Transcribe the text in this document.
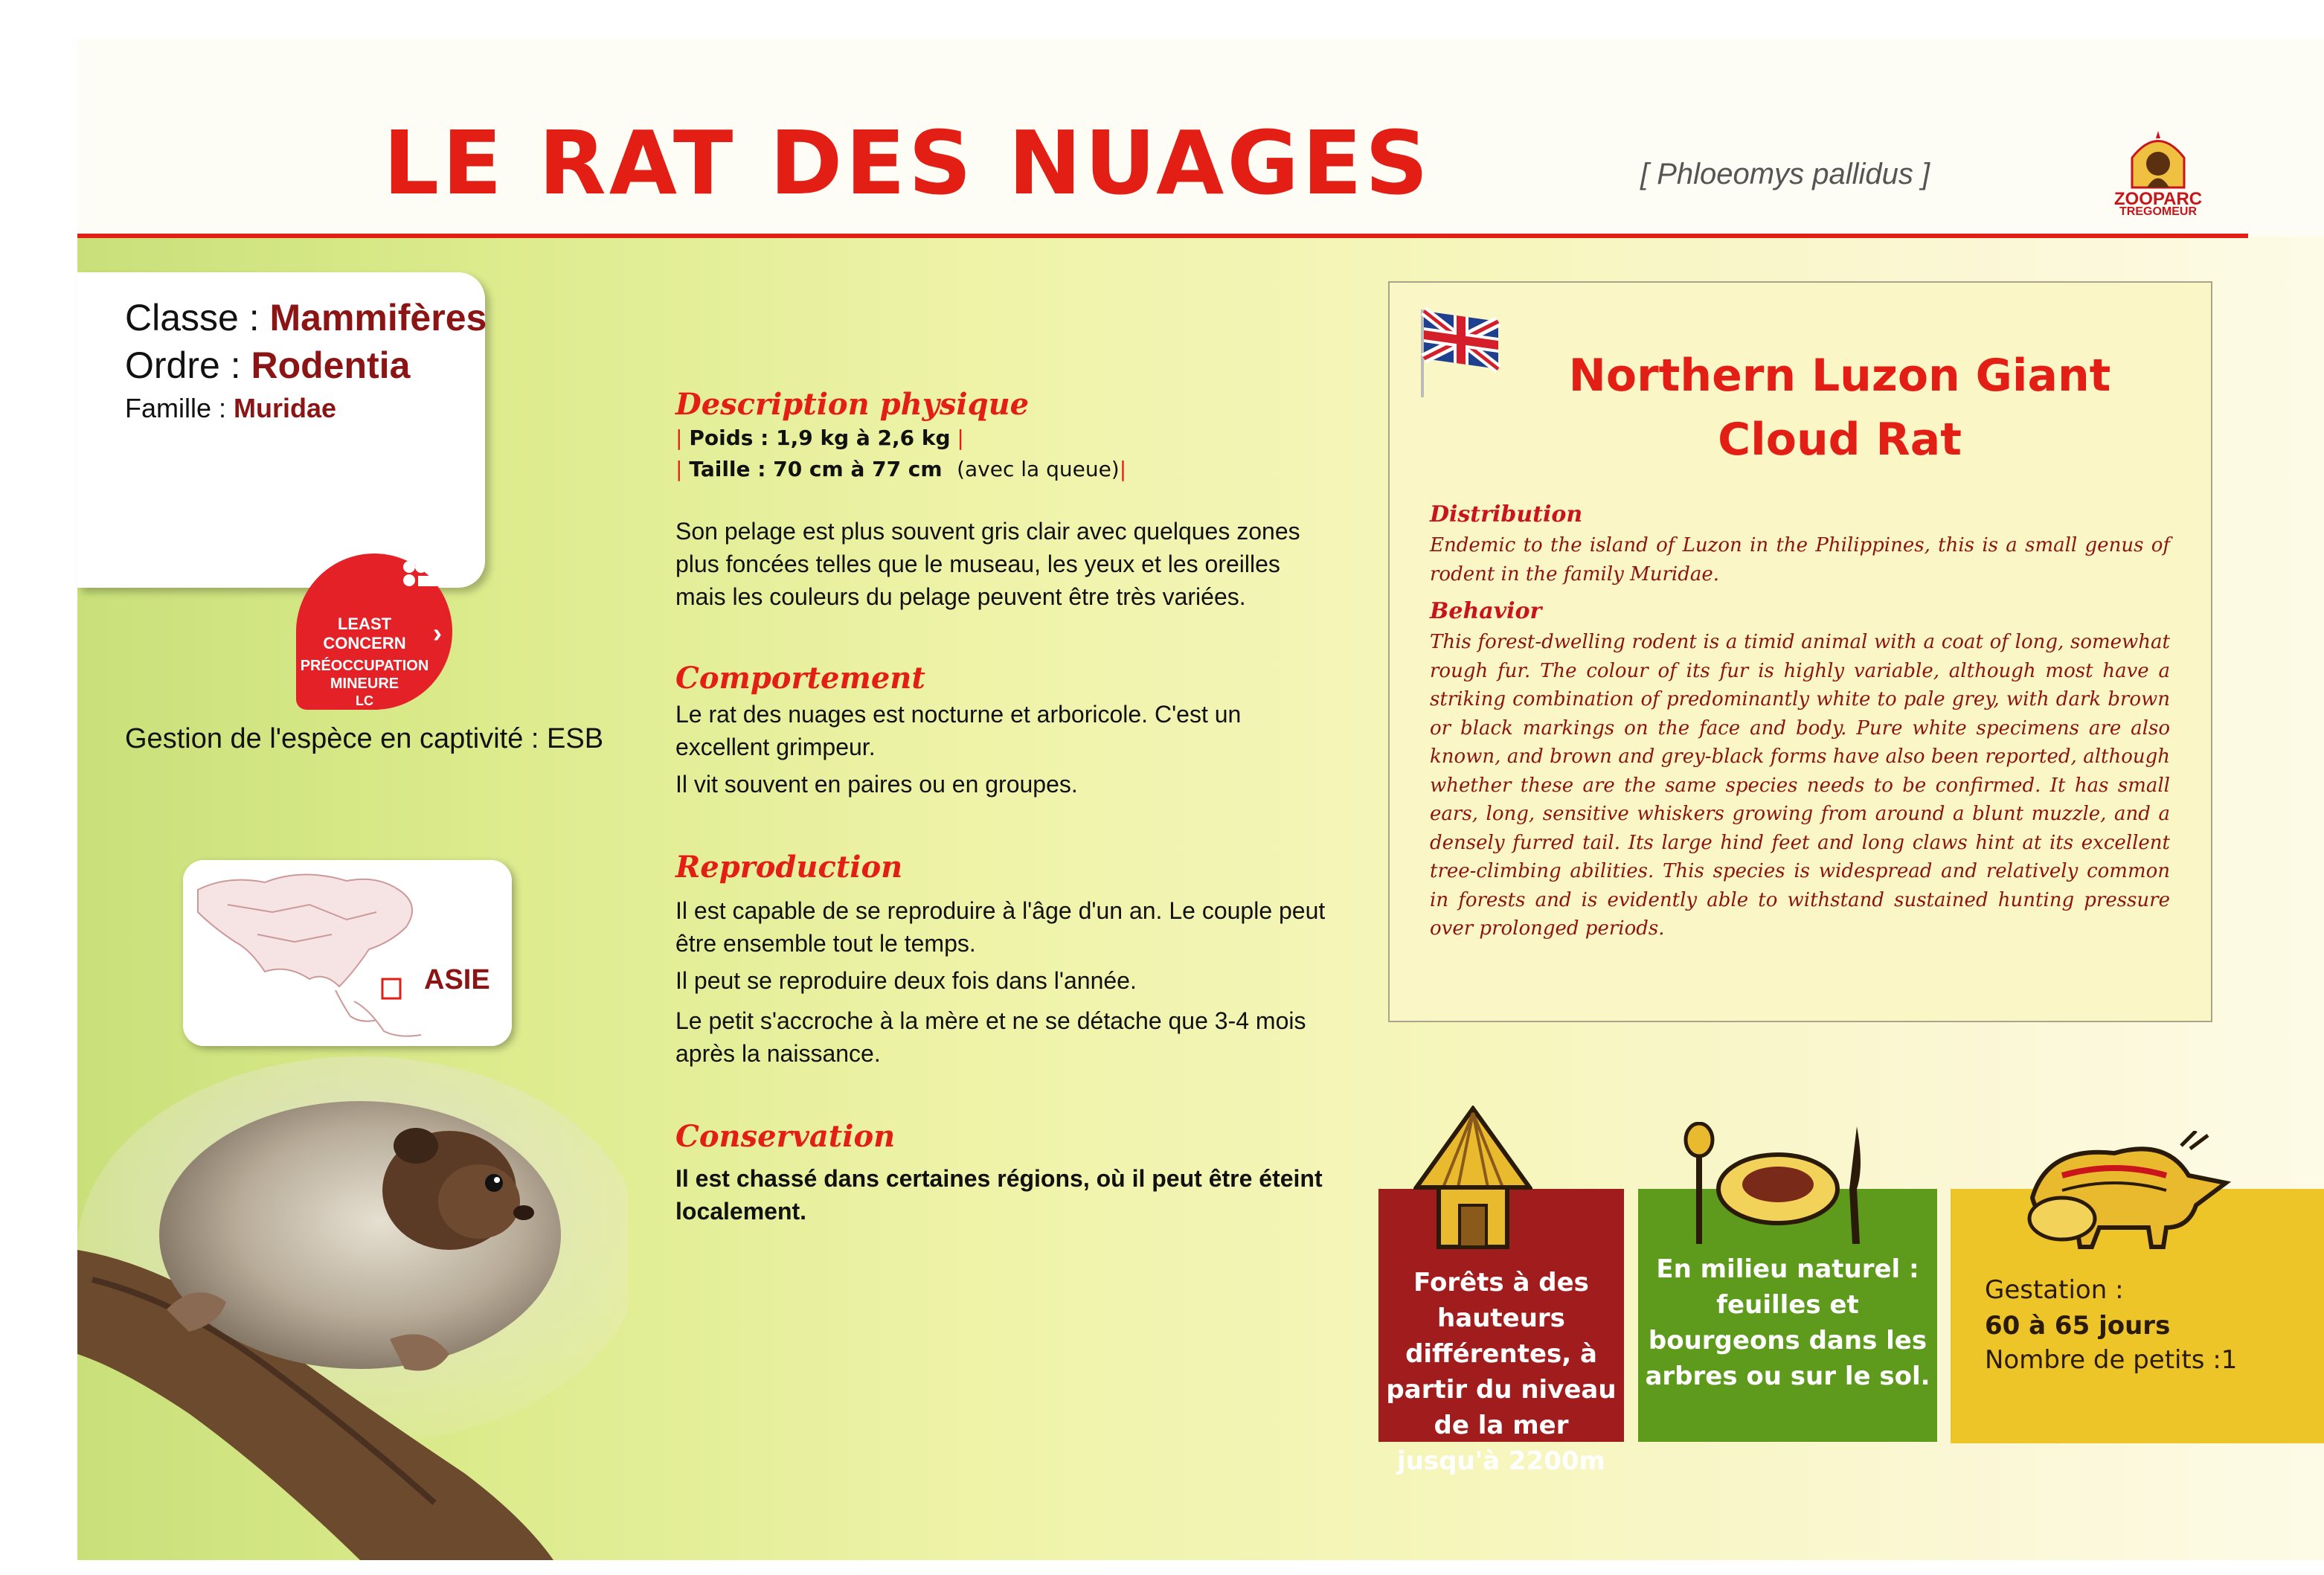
LE RAT DES NUAGES	[ Phloeomys pallidus ]
ZOOPARC
TREGOMEUR
Classe : Mammifères
Ordre : Rodentia
Famille : Muridae
LEAST
CONCERN
PRÉOCCUPATION
MINEURE
LC
›
Gestion de l'espèce en captivité : ESB
ASIE
Description physique
| Poids : 1,9 kg à 2,6 kg |
| Taille : 70 cm à 77 cm (avec la queue)|
Son pelage est plus souvent gris clair avec quelques zones plus foncées telles que le museau, les yeux et les oreilles mais les couleurs du pelage peuvent être très variées.
Comportement
Le rat des nuages est nocturne et arboricole. C'est un excellent grimpeur.
Il vit souvent en paires ou en groupes.
Reproduction
Il est capable de se reproduire à l'âge d'un an. Le couple peut être ensemble tout le temps.
Il peut se reproduire deux fois dans l'année.
Le petit s'accroche à la mère et ne se détache que 3-4 mois après la naissance.
Conservation
Il est chassé dans certaines régions, où il peut être éteint localement.
Northern Luzon Giant
Cloud Rat
Distribution
Endemic to the island of Luzon in the Philippines, this is a small genus of rodent in the family Muridae.
Behavior
This forest-dwelling rodent is a timid animal with a coat of long, somewhat rough fur. The colour of its fur is highly variable, although most have a striking combination of predominantly white to pale grey, with dark brown or black markings on the face and body. Pure white specimens are also known, and brown and grey-black forms have also been reported, although whether these are the same species needs to be confirmed. It has small ears, long, sensitive whiskers growing from around a blunt muzzle, and a densely furred tail. Its large hind feet and long claws hint at its excellent tree-climbing abilities. This species is widespread and relatively common in forests and is evidently able to withstand sustained hunting pressure over prolonged periods.
Forêts à des hauteurs différentes, à partir du niveau de la mer jusqu'à 2200m
En milieu naturel : feuilles et bourgeons dans les arbres ou sur le sol.
Gestation :
60 à 65 jours
Nombre de petits :1
